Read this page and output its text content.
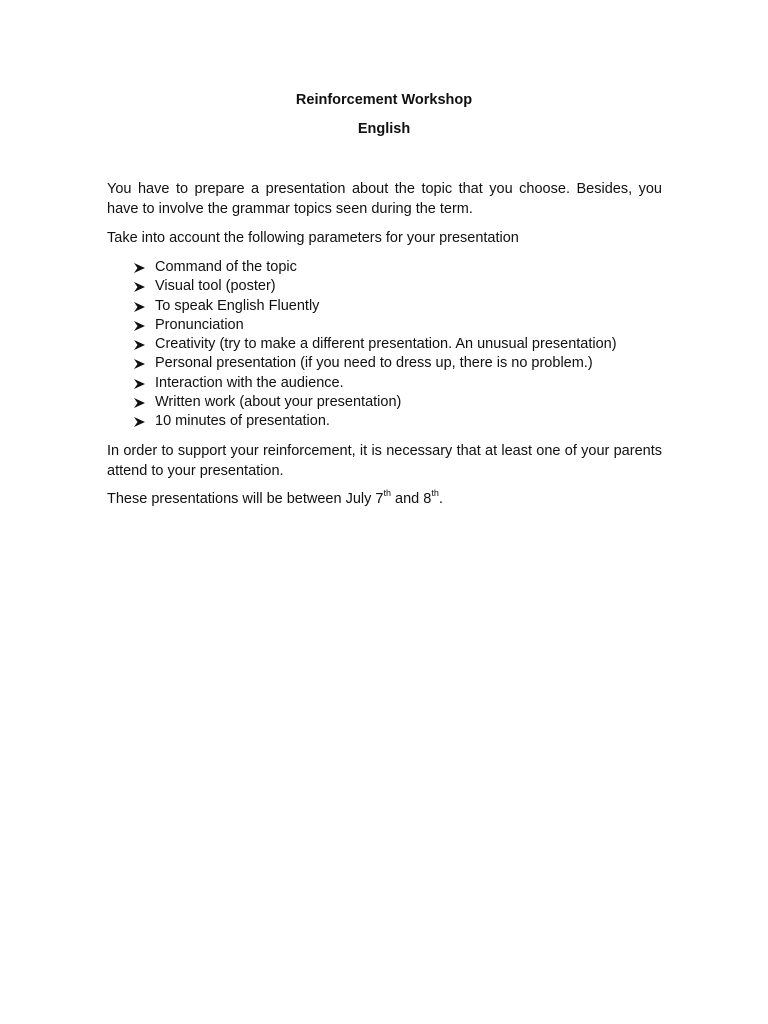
Reinforcement Workshop
English

You have to prepare a presentation about the topic that you choose. Besides, you have to involve the grammar topics seen during the term.

Take into account the following parameters for your presentation

Command of the topic
Visual tool (poster)
To speak English Fluently
Pronunciation
Creativity (try to make a different presentation. An unusual presentation)
Personal presentation (if you need to dress up, there is no problem.)
Interaction with the audience.
Written work (about your presentation)
10 minutes of presentation.

In order to support your reinforcement, it is necessary that at least one of your parents attend to your presentation.

These presentations will be between July 7th and 8th.
